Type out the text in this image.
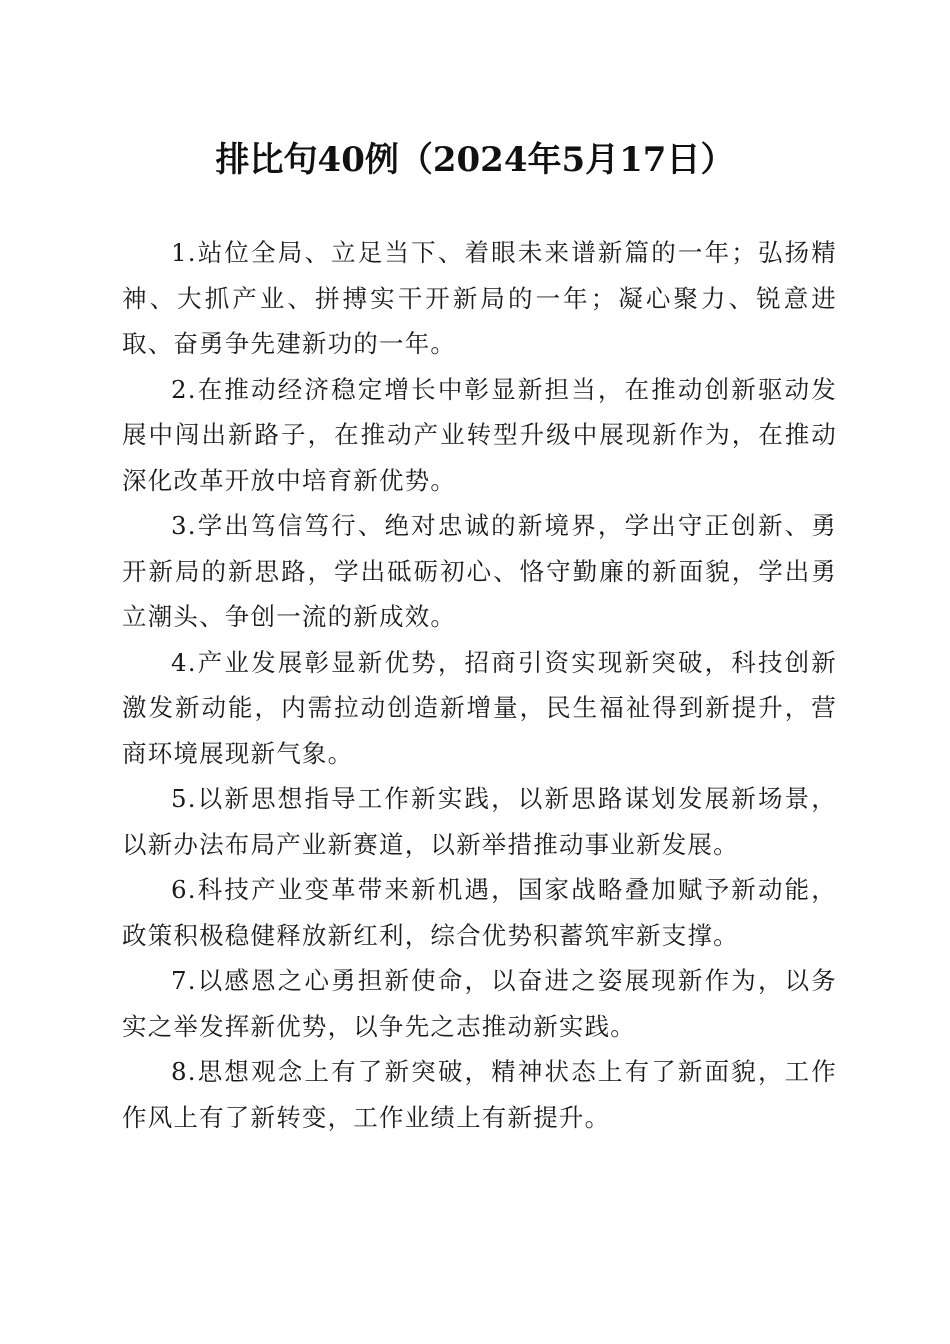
排比句40例（2024年5月17日）

1.站位全局、立足当下、着眼未来谱新篇的一年；弘扬精神、大抓产业、拼搏实干开新局的一年；凝心聚力、锐意进取、奋勇争先建新功的一年。

2.在推动经济稳定增长中彰显新担当，在推动创新驱动发展中闯出新路子，在推动产业转型升级中展现新作为，在推动深化改革开放中培育新优势。

3.学出笃信笃行、绝对忠诚的新境界，学出守正创新、勇开新局的新思路，学出砥砺初心、恪守勤廉的新面貌，学出勇立潮头、争创一流的新成效。

4.产业发展彰显新优势，招商引资实现新突破，科技创新激发新动能，内需拉动创造新增量，民生福祉得到新提升，营商环境展现新气象。

5.以新思想指导工作新实践，以新思路谋划发展新场景，以新办法布局产业新赛道，以新举措推动事业新发展。

6.科技产业变革带来新机遇，国家战略叠加赋予新动能，政策积极稳健释放新红利，综合优势积蓄筑牢新支撑。

7.以感恩之心勇担新使命，以奋进之姿展现新作为，以务实之举发挥新优势，以争先之志推动新实践。

8.思想观念上有了新突破，精神状态上有了新面貌，工作作风上有了新转变，工作业绩上有新提升。
